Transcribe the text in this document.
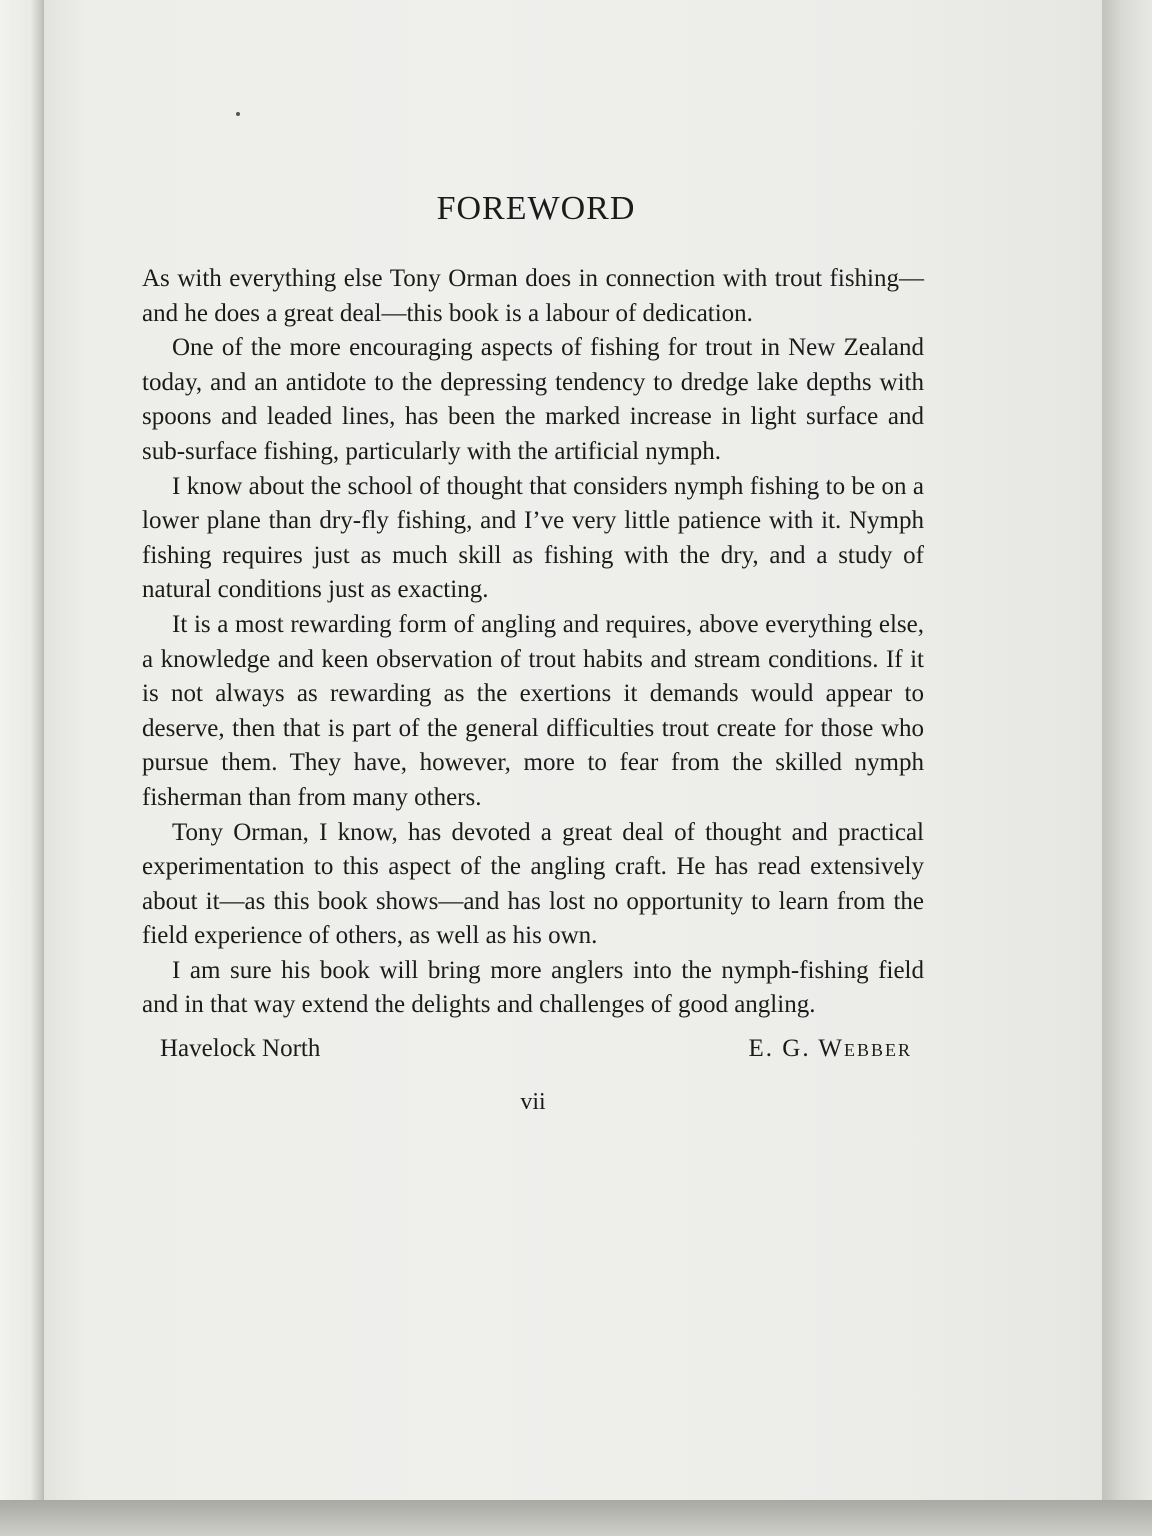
FOREWORD

As with everything else Tony Orman does in connection with trout fishing—and he does a great deal—this book is a labour of dedication.

One of the more encouraging aspects of fishing for trout in New Zealand today, and an antidote to the depressing tendency to dredge lake depths with spoons and leaded lines, has been the marked increase in light surface and sub-surface fishing, particularly with the artificial nymph.

I know about the school of thought that considers nymph fishing to be on a lower plane than dry-fly fishing, and I’ve very little patience with it. Nymph fishing requires just as much skill as fishing with the dry, and a study of natural conditions just as exacting.

It is a most rewarding form of angling and requires, above everything else, a knowledge and keen observation of trout habits and stream conditions. If it is not always as rewarding as the exertions it demands would appear to deserve, then that is part of the general difficulties trout create for those who pursue them. They have, however, more to fear from the skilled nymph fisherman than from many others.

Tony Orman, I know, has devoted a great deal of thought and practical experimentation to this aspect of the angling craft. He has read extensively about it—as this book shows—and has lost no opportunity to learn from the field experience of others, as well as his own.

I am sure his book will bring more anglers into the nymph-fishing field and in that way extend the delights and challenges of good angling.

Havelock North	E. G. Webber
vii
